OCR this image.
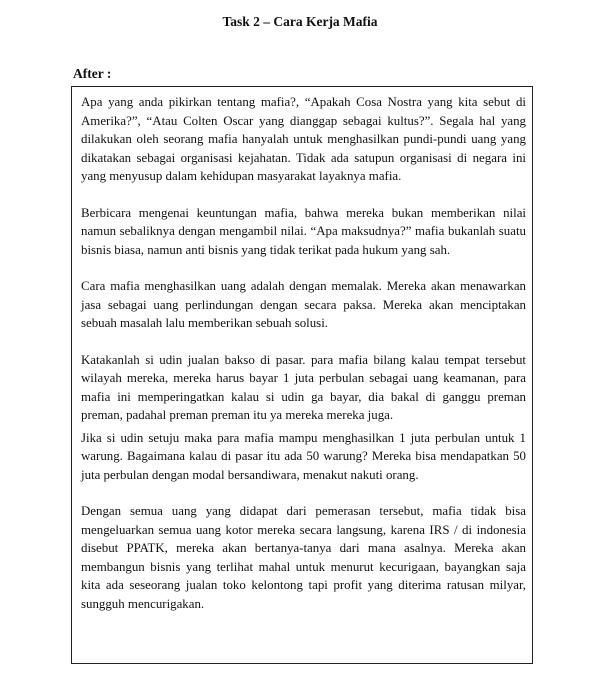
Task 2 – Cara Kerja Mafia

After :

Apa yang anda pikirkan tentang mafia?, “Apakah Cosa Nostra yang kita sebut di Amerika?”, “Atau Colten Oscar yang dianggap sebagai kultus?”. Segala hal yang dilakukan oleh seorang mafia hanyalah untuk menghasilkan pundi-pundi uang yang dikatakan sebagai organisasi kejahatan. Tidak ada satupun organisasi di negara ini yang menyusup dalam kehidupan masyarakat layaknya mafia.

Berbicara mengenai keuntungan mafia, bahwa mereka bukan memberikan nilai namun sebaliknya dengan mengambil nilai. “Apa maksudnya?” mafia bukanlah suatu bisnis biasa, namun anti bisnis yang tidak terikat pada hukum yang sah.

Cara mafia menghasilkan uang adalah dengan memalak. Mereka akan menawarkan jasa sebagai uang perlindungan dengan secara paksa. Mereka akan menciptakan sebuah masalah lalu memberikan sebuah solusi.

Katakanlah si udin jualan bakso di pasar. para mafia bilang kalau tempat tersebut wilayah mereka, mereka harus bayar 1 juta perbulan sebagai uang keamanan, para mafia ini memperingatkan kalau si udin ga bayar, dia bakal di ganggu preman preman, padahal preman preman itu ya mereka mereka juga.

Jika si udin setuju maka para mafia mampu menghasilkan 1 juta perbulan untuk 1 warung. Bagaimana kalau di pasar itu ada 50 warung? Mereka bisa mendapatkan 50 juta perbulan dengan modal bersandiwara, menakut nakuti orang.

Dengan semua uang yang didapat dari pemerasan tersebut, mafia tidak bisa mengeluarkan semua uang kotor mereka secara langsung, karena IRS / di indonesia disebut PPATK, mereka akan bertanya-tanya dari mana asalnya. Mereka akan membangun bisnis yang terlihat mahal untuk menurut kecurigaan, bayangkan saja kita ada seseorang jualan toko kelontong tapi profit yang diterima ratusan milyar, sungguh mencurigakan.
